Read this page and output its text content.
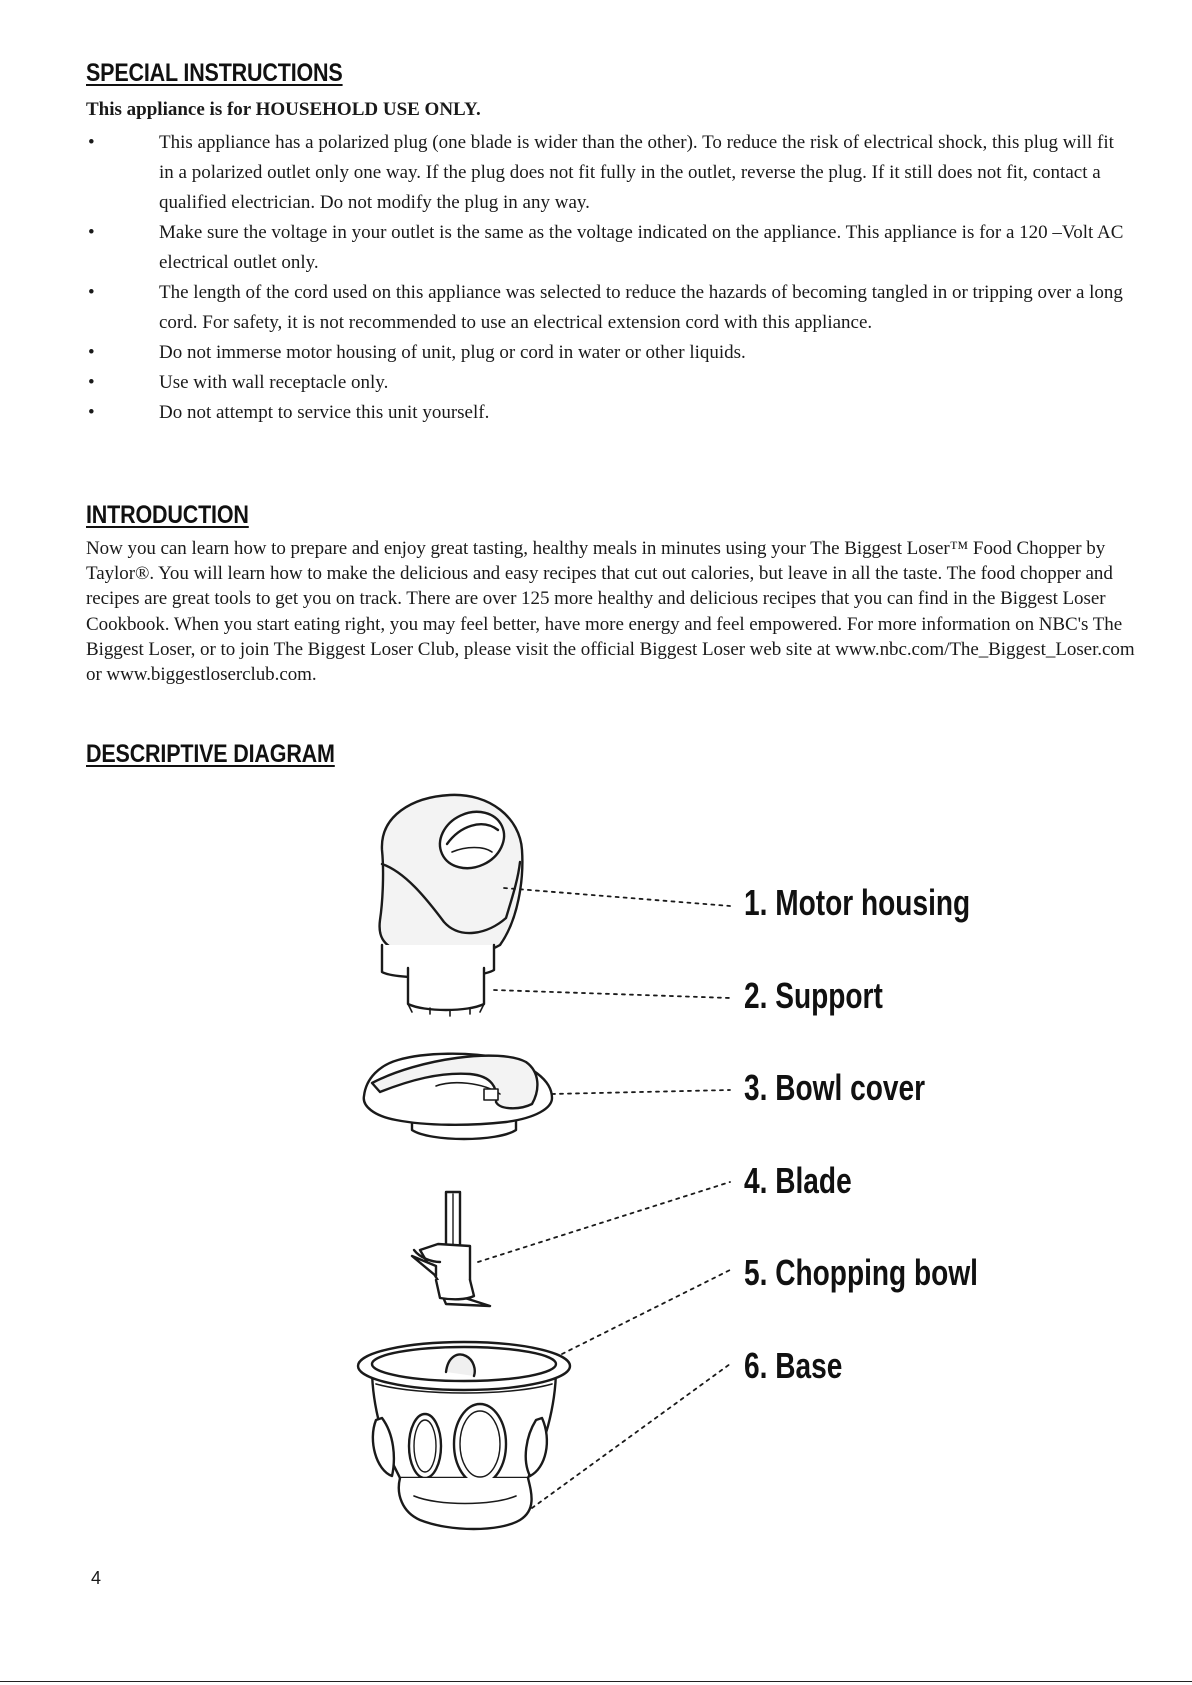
SPECIAL INSTRUCTIONS

This appliance is for HOUSEHOLD USE ONLY.

•	This appliance has a polarized plug (one blade is wider than the other). To reduce the risk of electrical shock, this plug will fit in a polarized outlet only one way. If the plug does not fit fully in the outlet, reverse the plug. If it still does not fit, contact a qualified electrician. Do not modify the plug in any way.
•	Make sure the voltage in your outlet is the same as the voltage indicated on the appliance. This appliance is for a 120 –Volt AC electrical outlet only.
•	The length of the cord used on this appliance was selected to reduce the hazards of becoming tangled in or tripping over a long cord. For safety, it is not recommended to use an electrical extension cord with this appliance.
•	Do not immerse motor housing of unit, plug or cord in water or other liquids.
•	Use with wall receptacle only.
•	Do not attempt to service this unit yourself.
INTRODUCTION

Now you can learn how to prepare and enjoy great tasting, healthy meals in minutes using your The Biggest Loser™ Food Chopper by Taylor®. You will learn how to make the delicious and easy recipes that cut out calories, but leave in all the taste. The food chopper and recipes are great tools to get you on track. There are over 125 more healthy and delicious recipes that you can find in the Biggest Loser Cookbook. When you start eating right, you may feel better, have more energy and feel empowered. For more information on NBC's The Biggest Loser, or to join The Biggest Loser Club, please visit the official Biggest Loser web site at www.nbc.com/The_Biggest_Loser.com or www.biggestloserclub.com.

DESCRIPTIVE DIAGRAM

1. Motor housing

2. Support

3. Bowl cover

4. Blade

5. Chopping bowl

6. Base

4
